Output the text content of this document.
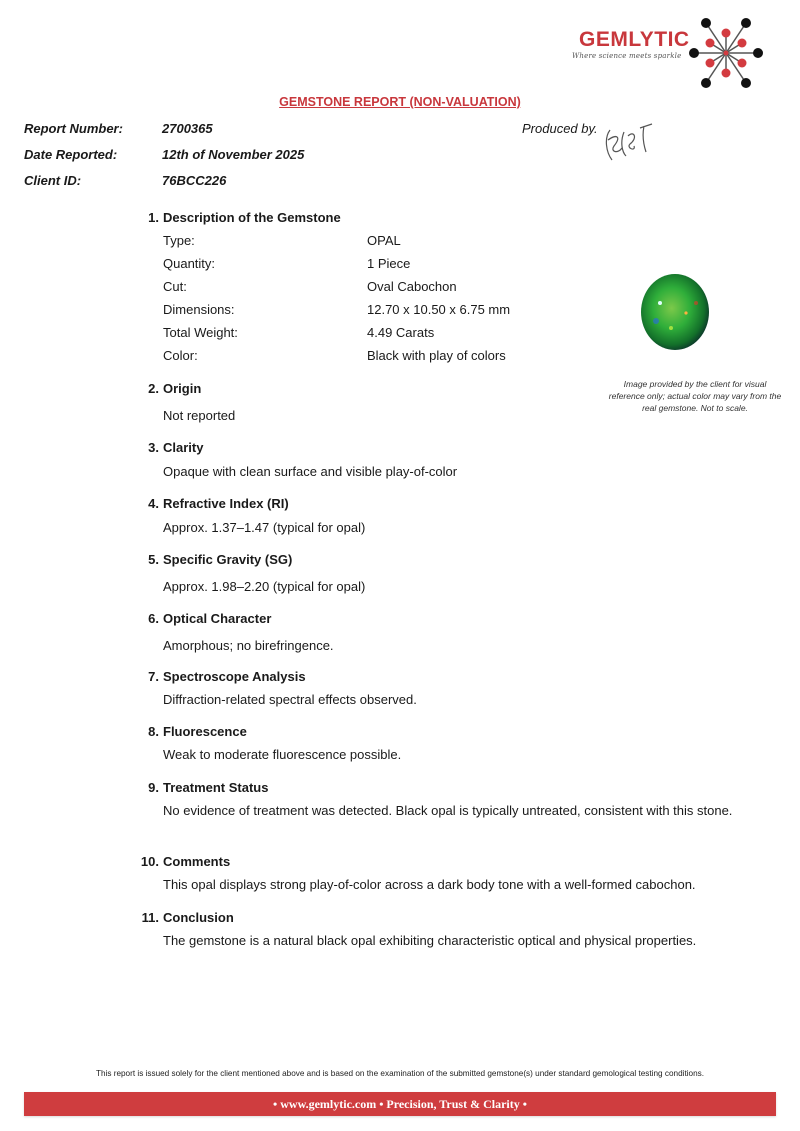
GEMLYTIC
Where science meets sparkle
GEMSTONE REPORT (NON-VALUATION)
Report Number:	2700365
Date Reported:	12th of November 2025
Client ID:	76BCC226
Produced by.
1. Description of the Gemstone
Type:	OPAL
Quantity:	1 Piece
Cut:	Oval Cabochon
Dimensions:	12.70 x 10.50 x 6.75 mm
Total Weight:	4.49 Carats
Color:	Black with play of colors
Image provided by the client for visual reference only; actual color may vary from the real gemstone. Not to scale.
2. Origin
Not reported
3. Clarity
Opaque with clean surface and visible play-of-color
4. Refractive Index (RI)
Approx. 1.37–1.47 (typical for opal)
5. Specific Gravity (SG)
Approx. 1.98–2.20 (typical for opal)
6. Optical Character
Amorphous; no birefringence.
7. Spectroscope Analysis
Diffraction-related spectral effects observed.
8. Fluorescence
Weak to moderate fluorescence possible.
9. Treatment Status
No evidence of treatment was detected. Black opal is typically untreated, consistent with this stone.
10. Comments
This opal displays strong play-of-color across a dark body tone with a well-formed cabochon.
11. Conclusion
The gemstone is a natural black opal exhibiting characteristic optical and physical properties.
This report is issued solely for the client mentioned above and is based on the examination of the submitted gemstone(s) under standard gemological testing conditions.
• www.gemlytic.com • Precision, Trust & Clarity •
